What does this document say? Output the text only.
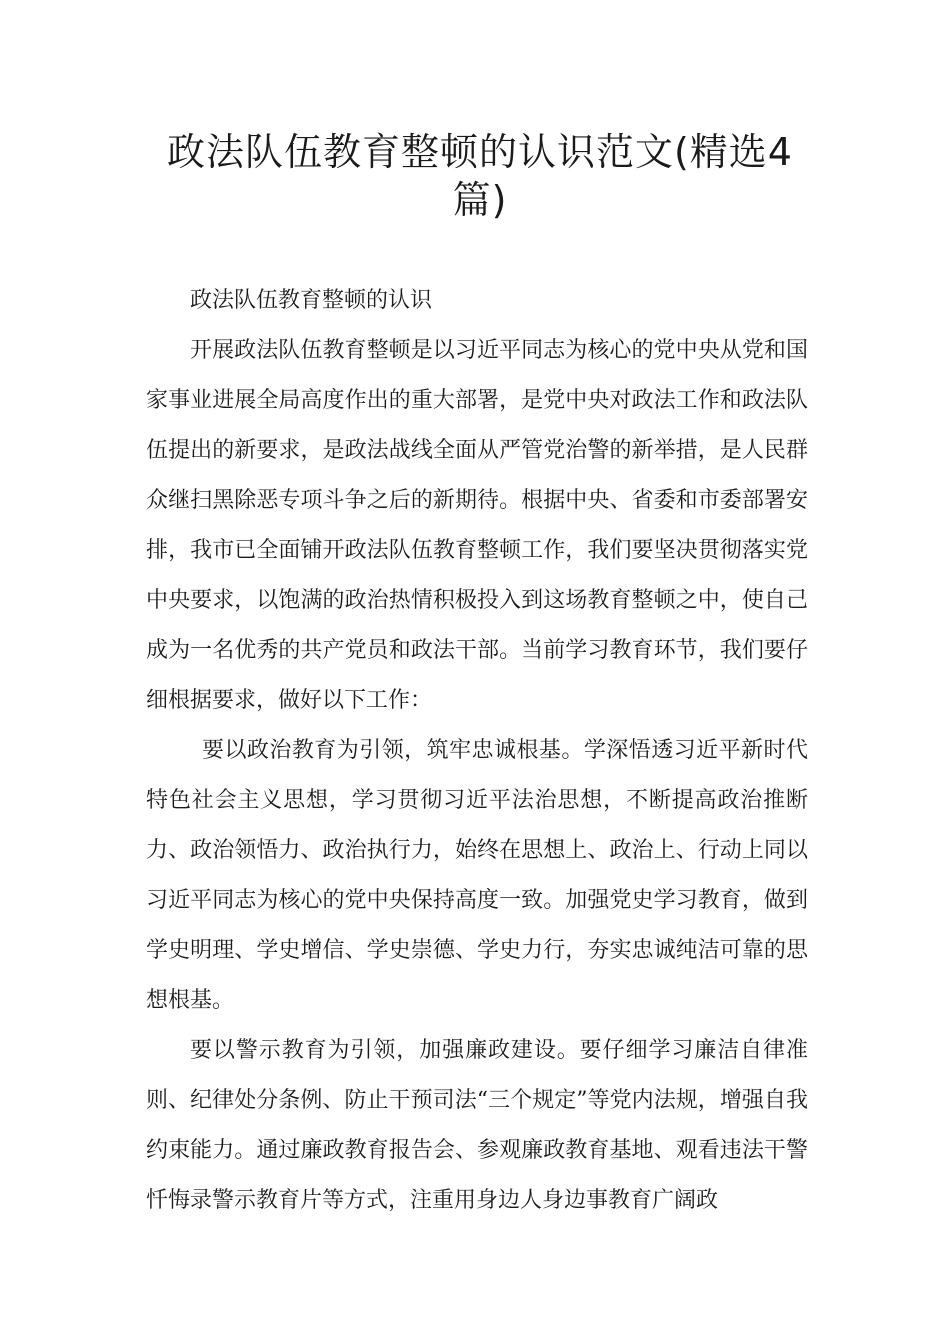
政法队伍教育整顿的认识范文(精选4篇)

政法队伍教育整顿的认识

开展政法队伍教育整顿是以习近平同志为核心的党中央从党和国家事业进展全局高度作出的重大部署，是党中央对政法工作和政法队伍提出的新要求，是政法战线全面从严管党治警的新举措，是人民群众继扫黑除恶专项斗争之后的新期待。根据中央、省委和市委部署安排，我市已全面铺开政法队伍教育整顿工作，我们要坚决贯彻落实党中央要求，以饱满的政治热情积极投入到这场教育整顿之中，使自己成为一名优秀的共产党员和政法干部。当前学习教育环节，我们要仔细根据要求，做好以下工作：

要以政治教育为引领，筑牢忠诚根基。学深悟透习近平新时代特色社会主义思想，学习贯彻习近平法治思想，不断提高政治推断力、政治领悟力、政治执行力，始终在思想上、政治上、行动上同以习近平同志为核心的党中央保持高度一致。加强党史学习教育，做到学史明理、学史增信、学史崇德、学史力行，夯实忠诚纯洁可靠的思想根基。

要以警示教育为引领，加强廉政建设。要仔细学习廉洁自律准则、纪律处分条例、防止干预司法“三个规定”等党内法规，增强自我约束能力。通过廉政教育报告会、参观廉政教育基地、观看违法干警忏悔录警示教育片等方式，注重用身边人身边事教育广阔政
